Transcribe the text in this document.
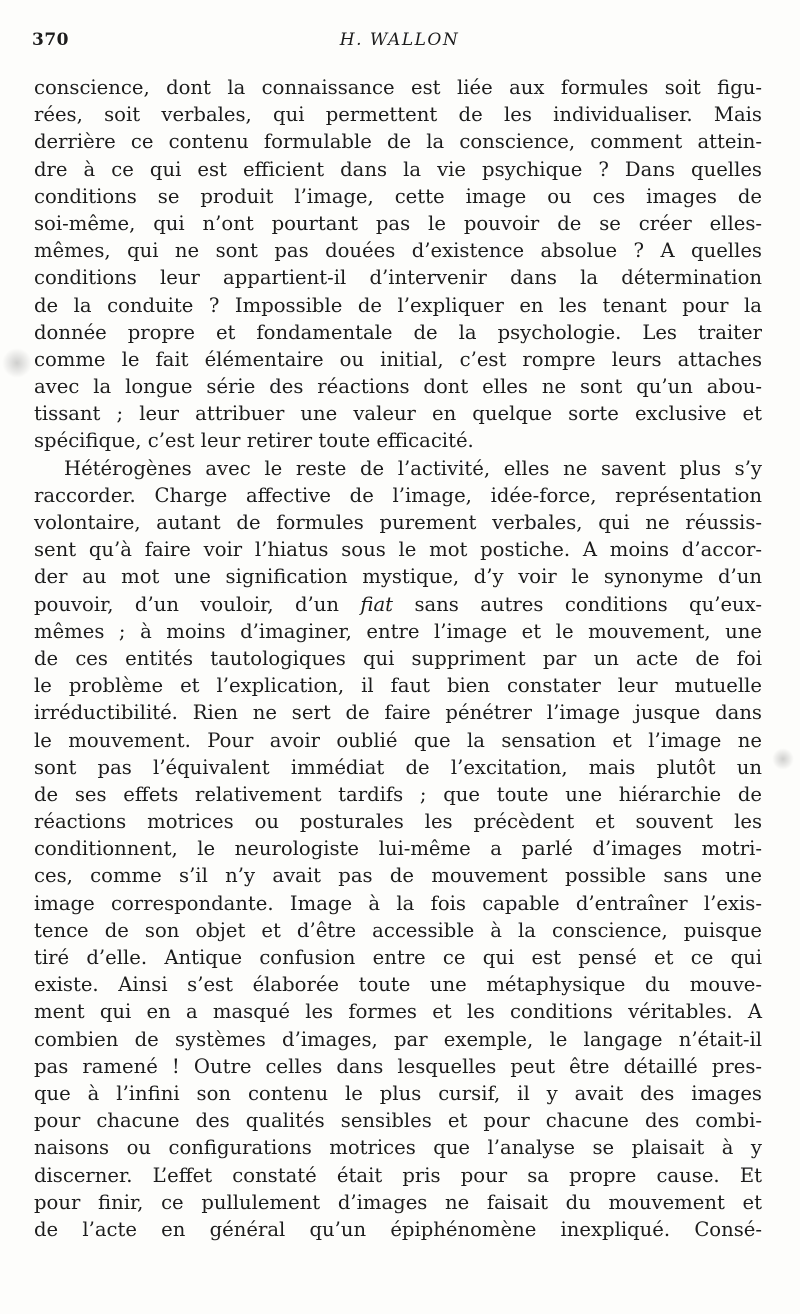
370	H. WALLON

conscience, dont la connaissance est liée aux formules soit figu-
rées, soit verbales, qui permettent de les individualiser. Mais
derrière ce contenu formulable de la conscience, comment attein-
dre à ce qui est efficient dans la vie psychique ? Dans quelles
conditions se produit l’image, cette image ou ces images de
soi-même, qui n’ont pourtant pas le pouvoir de se créer elles-
mêmes, qui ne sont pas douées d’existence absolue ? A quelles
conditions leur appartient-il d’intervenir dans la détermination
de la conduite ? Impossible de l’expliquer en les tenant pour la
donnée propre et fondamentale de la psychologie. Les traiter
comme le fait élémentaire ou initial, c’est rompre leurs attaches
avec la longue série des réactions dont elles ne sont qu’un abou-
tissant ; leur attribuer une valeur en quelque sorte exclusive et
spécifique, c’est leur retirer toute efficacité.

Hétérogènes avec le reste de l’activité, elles ne savent plus s’y
raccorder. Charge affective de l’image, idée-force, représentation
volontaire, autant de formules purement verbales, qui ne réussis-
sent qu’à faire voir l’hiatus sous le mot postiche. A moins d’accor-
der au mot une signification mystique, d’y voir le synonyme d’un
pouvoir, d’un vouloir, d’un fiat sans autres conditions qu’eux-
mêmes ; à moins d’imaginer, entre l’image et le mouvement, une
de ces entités tautologiques qui suppriment par un acte de foi
le problème et l’explication, il faut bien constater leur mutuelle
irréductibilité. Rien ne sert de faire pénétrer l’image jusque dans
le mouvement. Pour avoir oublié que la sensation et l’image ne
sont pas l’équivalent immédiat de l’excitation, mais plutôt un
de ses effets relativement tardifs ; que toute une hiérarchie de
réactions motrices ou posturales les précèdent et souvent les
conditionnent, le neurologiste lui-même a parlé d’images motri-
ces, comme s’il n’y avait pas de mouvement possible sans une
image correspondante. Image à la fois capable d’entraîner l’exis-
tence de son objet et d’être accessible à la conscience, puisque
tiré d’elle. Antique confusion entre ce qui est pensé et ce qui
existe. Ainsi s’est élaborée toute une métaphysique du mouve-
ment qui en a masqué les formes et les conditions véritables. A
combien de systèmes d’images, par exemple, le langage n’était-il
pas ramené ! Outre celles dans lesquelles peut être détaillé pres-
que à l’infini son contenu le plus cursif, il y avait des images
pour chacune des qualités sensibles et pour chacune des combi-
naisons ou configurations motrices que l’analyse se plaisait à y
discerner. L’effet constaté était pris pour sa propre cause. Et
pour finir, ce pullulement d’images ne faisait du mouvement et
de l’acte en général qu’un épiphénomène inexpliqué. Consé-
